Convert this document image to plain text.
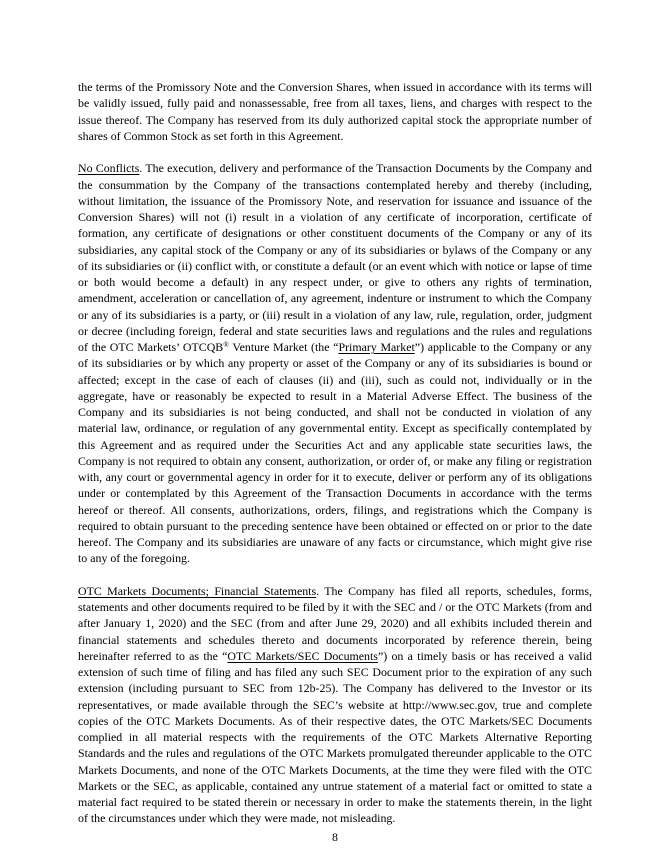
the terms of the Promissory Note and the Conversion Shares, when issued in accordance with its terms will be validly issued, fully paid and nonassessable, free from all taxes, liens, and charges with respect to the issue thereof. The Company has reserved from its duly authorized capital stock the appropriate number of shares of Common Stock as set forth in this Agreement.

No Conflicts. The execution, delivery and performance of the Transaction Documents by the Company and the consummation by the Company of the transactions contemplated hereby and thereby (including, without limitation, the issuance of the Promissory Note, and reservation for issuance and issuance of the Conversion Shares) will not (i) result in a violation of any certificate of incorporation, certificate of formation, any certificate of designations or other constituent documents of the Company or any of its subsidiaries, any capital stock of the Company or any of its subsidiaries or bylaws of the Company or any of its subsidiaries or (ii) conflict with, or constitute a default (or an event which with notice or lapse of time or both would become a default) in any respect under, or give to others any rights of termination, amendment, acceleration or cancellation of, any agreement, indenture or instrument to which the Company or any of its subsidiaries is a party, or (iii) result in a violation of any law, rule, regulation, order, judgment or decree (including foreign, federal and state securities laws and regulations and the rules and regulations of the OTC Markets’ OTCQB® Venture Market (the “Primary Market”) applicable to the Company or any of its subsidiaries or by which any property or asset of the Company or any of its subsidiaries is bound or affected; except in the case of each of clauses (ii) and (iii), such as could not, individually or in the aggregate, have or reasonably be expected to result in a Material Adverse Effect. The business of the Company and its subsidiaries is not being conducted, and shall not be conducted in violation of any material law, ordinance, or regulation of any governmental entity. Except as specifically contemplated by this Agreement and as required under the Securities Act and any applicable state securities laws, the Company is not required to obtain any consent, authorization, or order of, or make any filing or registration with, any court or governmental agency in order for it to execute, deliver or perform any of its obligations under or contemplated by this Agreement of the Transaction Documents in accordance with the terms hereof or thereof. All consents, authorizations, orders, filings, and registrations which the Company is required to obtain pursuant to the preceding sentence have been obtained or effected on or prior to the date hereof. The Company and its subsidiaries are unaware of any facts or circumstance, which might give rise to any of the foregoing.

OTC Markets Documents; Financial Statements. The Company has filed all reports, schedules, forms, statements and other documents required to be filed by it with the SEC and / or the OTC Markets (from and after January 1, 2020) and the SEC (from and after June 29, 2020) and all exhibits included therein and financial statements and schedules thereto and documents incorporated by reference therein, being hereinafter referred to as the “OTC Markets/SEC Documents”) on a timely basis or has received a valid extension of such time of filing and has filed any such SEC Document prior to the expiration of any such extension (including pursuant to SEC from 12b-25). The Company has delivered to the Investor or its representatives, or made available through the SEC’s website at http://www.sec.gov, true and complete copies of the OTC Markets Documents. As of their respective dates, the OTC Markets/SEC Documents complied in all material respects with the requirements of the OTC Markets Alternative Reporting Standards and the rules and regulations of the OTC Markets promulgated thereunder applicable to the OTC Markets Documents, and none of the OTC Markets Documents, at the time they were filed with the OTC Markets or the SEC, as applicable, contained any untrue statement of a material fact or omitted to state a material fact required to be stated therein or necessary in order to make the statements therein, in the light of the circumstances under which they were made, not misleading.

8
